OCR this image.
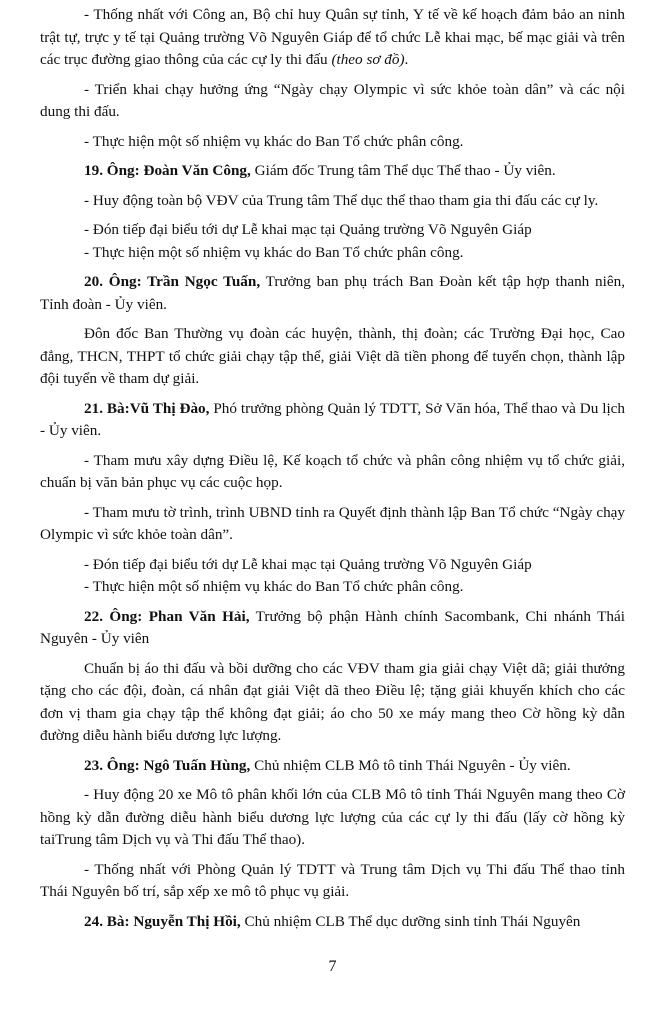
- Thống nhất với Công an, Bộ chỉ huy Quân sự tỉnh, Y tế về kế hoạch đảm bảo an ninh trật tự, trực y tế tại Quảng trường Võ Nguyên Giáp để tổ chức Lễ khai mạc, bế mạc giải và trên các trục đường giao thông của các cự ly thi đấu (theo sơ đồ).

- Triển khai chạy hưởng ứng “Ngày chạy Olympic vì sức khỏe toàn dân” và các nội dung thi đấu.

- Thực hiện một số nhiệm vụ khác do Ban Tổ chức phân công.

19. Ông: Đoàn Văn Công, Giám đốc Trung tâm Thể dục Thể thao - Ủy viên.

- Huy động toàn bộ VĐV của Trung tâm Thể dục thể thao tham gia thi đấu các cự ly.

- Đón tiếp đại biểu tới dự Lễ khai mạc tại Quảng trường Võ Nguyên Giáp

- Thực hiện một số nhiệm vụ khác do Ban Tổ chức phân công.

20. Ông: Trần Ngọc Tuấn, Trưởng ban phụ trách Ban Đoàn kết tập hợp thanh niên, Tỉnh đoàn - Ủy viên.

Đôn đốc Ban Thường vụ đoàn các huyện, thành, thị đoàn; các Trường Đại học, Cao đẳng, THCN, THPT tổ chức giải chạy tập thể, giải Việt dã tiền phong để tuyển chọn, thành lập đội tuyển về tham dự giải.

21. Bà:Vũ Thị Đào, Phó trưởng phòng Quản lý TDTT, Sở Văn hóa, Thể thao và Du lịch - Ủy viên.

- Tham mưu xây dựng Điều lệ, Kế koạch tổ chức và phân công nhiệm vụ tổ chức giải, chuẩn bị văn bản phục vụ các cuộc họp.

- Tham mưu tờ trình, trình UBND tỉnh ra Quyết định thành lập Ban Tổ chức “Ngày chạy Olympic vì sức khỏe toàn dân”.

- Đón tiếp đại biểu tới dự Lễ khai mạc tại Quảng trường Võ Nguyên Giáp

- Thực hiện một số nhiệm vụ khác do Ban Tổ chức phân công.

22. Ông: Phan Văn Hải, Trưởng bộ phận Hành chính Sacombank, Chi nhánh Thái Nguyên - Ủy viên

Chuẩn bị áo thi đấu và bồi dưỡng cho các VĐV tham gia giải chạy Việt dã; giải thưởng tặng cho các đội, đoàn, cá nhân đạt giải Việt dã theo Điều lệ; tặng giải khuyến khích cho các đơn vị tham gia chạy tập thể không đạt giải; áo cho 50 xe máy mang theo Cờ hồng kỳ dẫn đường diễu hành biểu dương lực lượng.

23. Ông: Ngô Tuấn Hùng, Chủ nhiệm CLB Mô tô tỉnh Thái Nguyên - Ủy viên.

- Huy động 20 xe Mô tô phân khối lớn của CLB Mô tô tỉnh Thái Nguyên mang theo Cờ hồng kỳ dẫn đường diễu hành biểu dương lực lượng của các cự ly thi đấu (lấy cờ hồng kỳ taiTrung tâm Dịch vụ và Thi đấu Thể thao).

- Thống nhất với Phòng Quản lý TDTT và Trung tâm Dịch vụ Thi đấu Thể thao tỉnh Thái Nguyên bố trí, sắp xếp xe mô tô phục vụ giải.

24. Bà: Nguyễn Thị Hồi, Chủ nhiệm CLB Thể dục dưỡng sinh tỉnh Thái Nguyên

7
